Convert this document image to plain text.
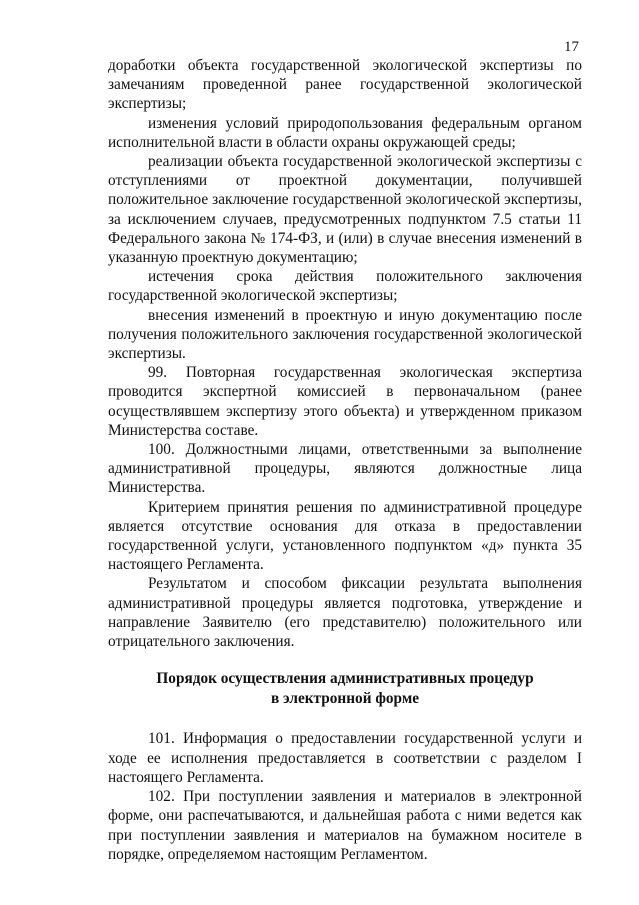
17

доработки объекта государственной экологической экспертизы по замечаниям проведенной ранее государственной экологической экспертизы;

изменения условий природопользования федеральным органом исполнительной власти в области охраны окружающей среды;

реализации объекта государственной экологической экспертизы с отступлениями от проектной документации, получившей положительное заключение государственной экологической экспертизы, за исключением случаев, предусмотренных подпунктом 7.5 статьи 11 Федерального закона № 174-ФЗ, и (или) в случае внесения изменений в указанную проектную документацию;

истечения срока действия положительного заключения государственной экологической экспертизы;

внесения изменений в проектную и иную документацию после получения положительного заключения государственной экологической экспертизы.

99. Повторная государственная экологическая экспертиза проводится экспертной комиссией в первоначальном (ранее осуществлявшем экспертизу этого объекта) и утвержденном приказом Министерства составе.

100. Должностными лицами, ответственными за выполнение административной процедуры, являются должностные лица Министерства.

Критерием принятия решения по административной процедуре является отсутствие основания для отказа в предоставлении государственной услуги, установленного подпунктом «д» пункта 35 настоящего Регламента.

Результатом и способом фиксации результата выполнения административной процедуры является подготовка, утверждение и направление Заявителю (его представителю) положительного или отрицательного заключения.

Порядок осуществления административных процедур
в электронной форме

101. Информация о предоставлении государственной услуги и ходе ее исполнения предоставляется в соответствии с разделом I настоящего Регламента.

102. При поступлении заявления и материалов в электронной форме, они распечатываются, и дальнейшая работа с ними ведется как при поступлении заявления и материалов на бумажном носителе в порядке, определяемом настоящим Регламентом.
